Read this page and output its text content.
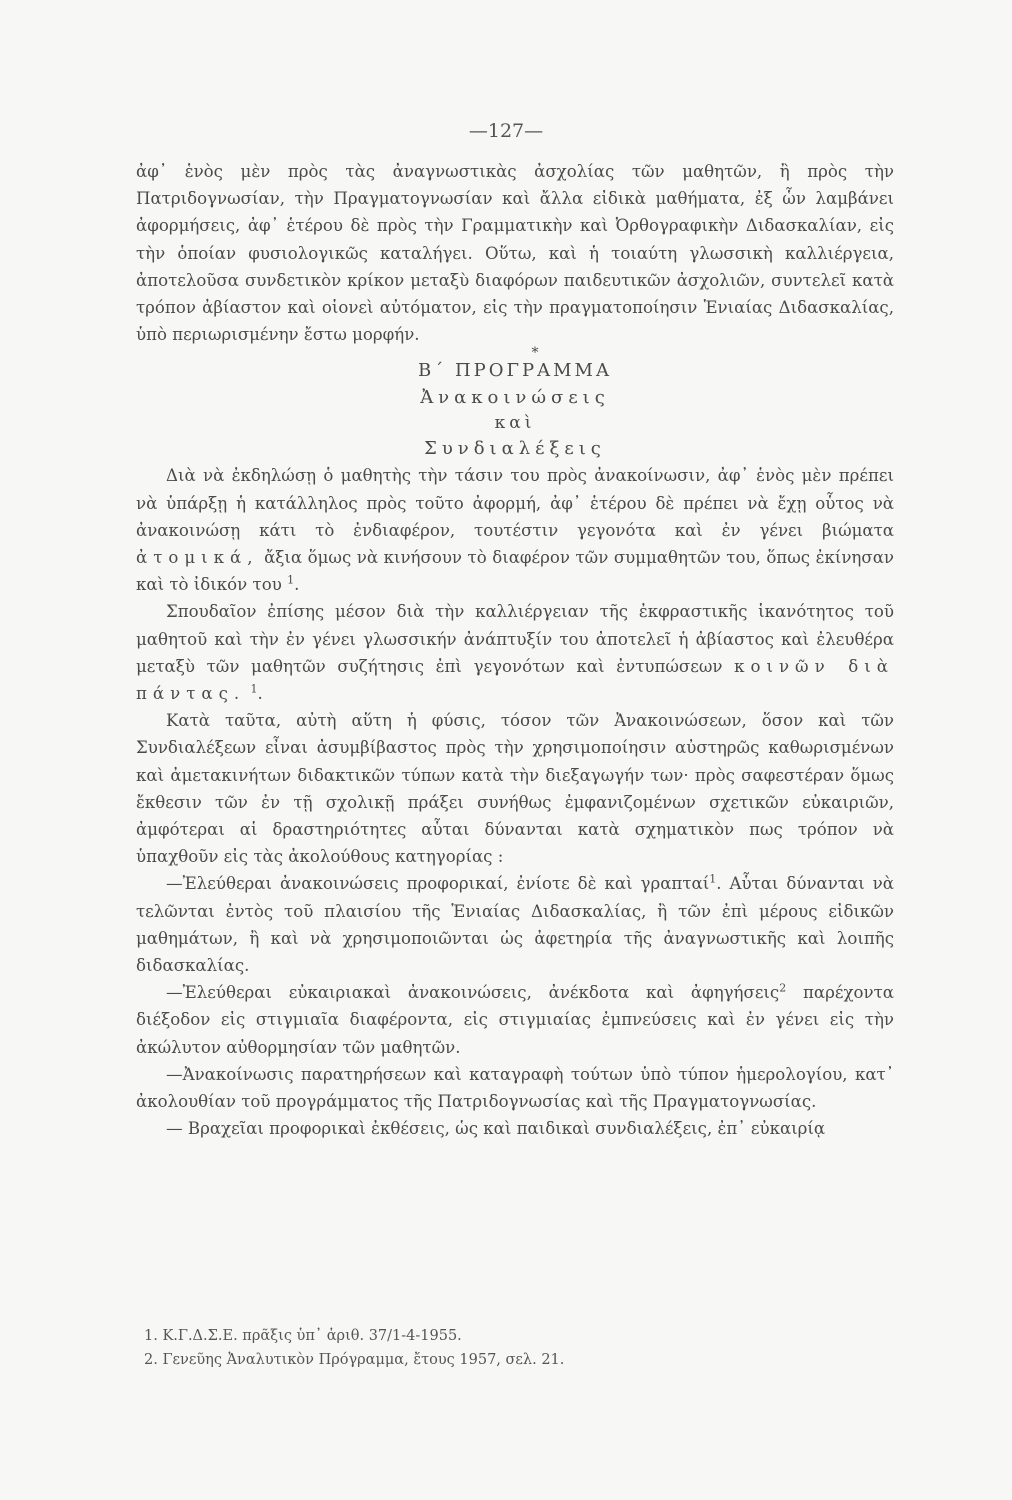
—127—

ἀφ᾿ ἑνὸς μὲν πρὸς τὰς ἀναγνωστικὰς ἀσχολίας τῶν μαθητῶν, ἢ πρὸς τὴν Πατριδογνωσίαν, τὴν Πραγματογνωσίαν καὶ ἄλλα εἰδικὰ μαθήματα, ἐξ ὧν λαμβάνει ἀφορμήσεις, ἀφ᾿ ἑτέρου δὲ πρὸς τὴν Γραμματικὴν καὶ Ὀρθογραφικὴν Διδασκαλίαν, εἰς τὴν ὁποίαν φυσιολογικῶς καταλήγει. Οὕτω, καὶ ἡ τοιαύτη γλωσσικὴ καλλιέργεια, ἀποτελοῦσα συνδετικὸν κρίκον μεταξὺ διαφόρων παιδευτικῶν ἀσχολιῶν, συντελεῖ κατὰ τρόπον ἀβίαστον καὶ οἱονεὶ αὐτόματον, εἰς τὴν πραγματοποίησιν Ἑνιαίας Διδασκαλίας, ὑπὸ περιωρισμένην ἔστω μορφήν.

*

Β΄ ΠΡΟΓΡΑΜΜΑ

Ἀνακοινώσεις

καὶ

Συνδιαλέξεις

Διὰ νὰ ἐκδηλώσῃ ὁ μαθητὴς τὴν τάσιν του πρὸς ἀνακοίνωσιν, ἀφ᾿ ἑνὸς μὲν πρέπει νὰ ὑπάρξῃ ἡ κατάλληλος πρὸς τοῦτο ἀφορμή, ἀφ᾿ ἑτέρου δὲ πρέπει νὰ ἔχῃ οὗτος νὰ ἀνακοινώσῃ κάτι τὸ ἐνδιαφέρον, τουτέστιν γεγονότα καὶ ἐν γένει βιώματα ἀτομικά, ἄξια ὅμως νὰ κινήσουν τὸ διαφέρον τῶν συμμαθητῶν του, ὅπως ἐκίνησαν καὶ τὸ ἰδικόν του $^1$.

Σπουδαῖον ἐπίσης μέσον διὰ τὴν καλλιέργειαν τῆς ἐκφραστικῆς ἱκανότητος τοῦ μαθητοῦ καὶ τὴν ἐν γένει γλωσσικήν ἀνάπτυξίν του ἀποτελεῖ ἡ ἀβίαστος καὶ ἐλευθέρα μεταξὺ τῶν μαθητῶν συζήτησις ἐπὶ γεγονότων καὶ ἐντυπώσεων κοινῶν διὰ πάντας. $^1$.

Κατὰ ταῦτα, αὐτὴ αὕτη ἡ φύσις, τόσον τῶν Ἀνακοινώσεων, ὅσον καὶ τῶν Συνδιαλέξεων εἶναι ἀσυμβίβαστος πρὸς τὴν χρησιμοποίησιν αὐστηρῶς καθωρισμένων καὶ ἀμετακινήτων διδακτικῶν τύπων κατὰ τὴν διεξαγωγήν των· πρὸς σαφεστέραν ὅμως ἔκθεσιν τῶν ἐν τῇ σχολικῇ πράξει συνήθως ἐμφανιζομένων σχετικῶν εὐκαιριῶν, ἀμφότεραι αἱ δραστηριότητες αὗται δύνανται κατὰ σχηματικὸν πως τρόπον νὰ ὑπαχθοῦν εἰς τὰς ἀκολούθους κατηγορίας :

—Ἐλεύθεραι ἀνακοινώσεις προφορικαί, ἐνίοτε δὲ καὶ γραπταί$^1$. Αὗται δύνανται νὰ τελῶνται ἐντὸς τοῦ πλαισίου τῆς Ἑνιαίας Διδασκαλίας, ἢ τῶν ἐπὶ μέρους εἰδικῶν μαθημάτων, ἢ καὶ νὰ χρησιμοποιῶνται ὡς ἀφετηρία τῆς ἀναγνωστικῆς καὶ λοιπῆς διδασκαλίας.

—Ἐλεύθεραι εὐκαιριακαὶ ἀνακοινώσεις, ἀνέκδοτα καὶ ἀφηγήσεις$^2$ παρέχοντα διέξοδον εἰς στιγμιαῖα διαφέροντα, εἰς στιγμιαίας ἐμπνεύσεις καὶ ἐν γένει εἰς τὴν ἀκώλυτον αὐθορμησίαν τῶν μαθητῶν.

—Ἀνακοίνωσις παρατηρήσεων καὶ καταγραφὴ τούτων ὑπὸ τύπον ἡμερολογίου, κατ᾿ ἀκολουθίαν τοῦ προγράμματος τῆς Πατριδογνωσίας καὶ τῆς Πραγματογνωσίας.

— Βραχεῖαι προφορικαὶ ἐκθέσεις, ὡς καὶ παιδικαὶ συνδιαλέξεις, ἐπ᾿ εὐκαιρίᾳ

1. Κ.Γ.Δ.Σ.Ε. πρᾶξις ὑπ᾿ ἀριθ. 37/1-4-1955.

2. Γενεῦης Ἀναλυτικὸν Πρόγραμμα, ἔτους 1957, σελ. 21.
